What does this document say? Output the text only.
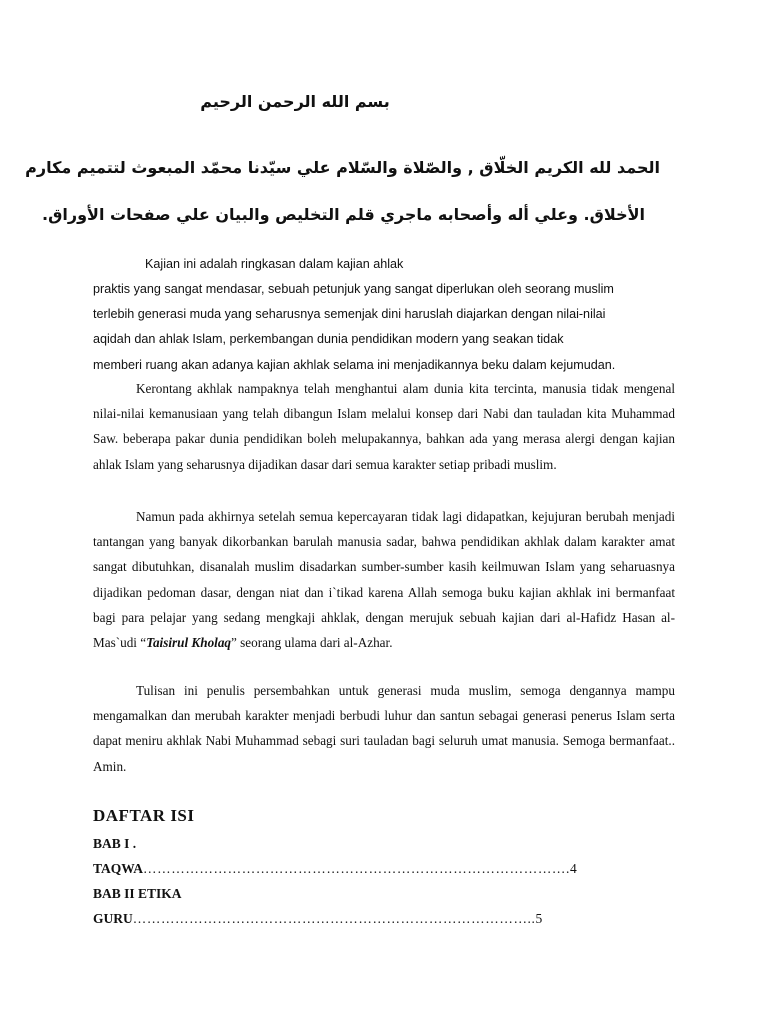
بسم الله الرحمن الرحيم
الحمد لله الكريم الخلّاق , والصّلاة والسّلام علي سيّدنا محمّد المبعوث لتتميم مكارم
الأخلاق. وعلي أله وأصحابه ماجري قلم التخليص والبيان علي صفحات الأوراق.
Kajian ini adalah ringkasan dalam kajian ahlak
praktis yang sangat mendasar, sebuah petunjuk yang sangat diperlukan oleh seorang muslim
terlebih generasi muda yang seharusnya semenjak dini haruslah diajarkan dengan nilai-nilai
aqidah dan ahlak Islam, perkembangan dunia pendidikan modern yang seakan tidak
memberi ruang akan adanya kajian akhlak selama ini menjadikannya beku dalam kejumudan.

Kerontang akhlak nampaknya telah menghantui alam dunia kita tercinta, manusia tidak mengenal nilai-nilai kemanusiaan yang telah dibangun Islam melalui konsep dari Nabi dan tauladan kita Muhammad Saw. beberapa pakar dunia pendidikan boleh melupakannya, bahkan ada yang merasa alergi dengan kajian ahlak Islam yang seharusnya dijadikan dasar dari semua karakter setiap pribadi muslim.

Namun pada akhirnya setelah semua kepercayaran tidak lagi didapatkan, kejujuran berubah menjadi tantangan yang banyak dikorbankan barulah manusia sadar, bahwa pendidikan akhlak dalam karakter amat sangat dibutuhkan, disanalah muslim disadarkan sumber-sumber kasih keilmuwan Islam yang seharuasnya dijadikan pedoman dasar, dengan niat dan i`tikad karena Allah semoga buku kajian akhlak ini bermanfaat bagi para pelajar yang sedang mengkaji ahklak, dengan merujuk sebuah kajian dari al-Hafidz Hasan al-Mas`udi “Taisirul Kholaq” seorang ulama dari al-Azhar.

Tulisan ini penulis persembahkan untuk generasi muda muslim, semoga dengannya mampu mengamalkan dan merubah karakter menjadi berbudi luhur dan santun sebagai generasi penerus Islam serta dapat meniru akhlak Nabi Muhammad sebagi suri tauladan bagi seluruh umat manusia. Semoga bermanfaat.. Amin.

DAFTAR ISI
BAB I .
TAQWA……………………………………………………………………………….4
BAB II ETIKA
GURU…………………………………………………………………………..5
